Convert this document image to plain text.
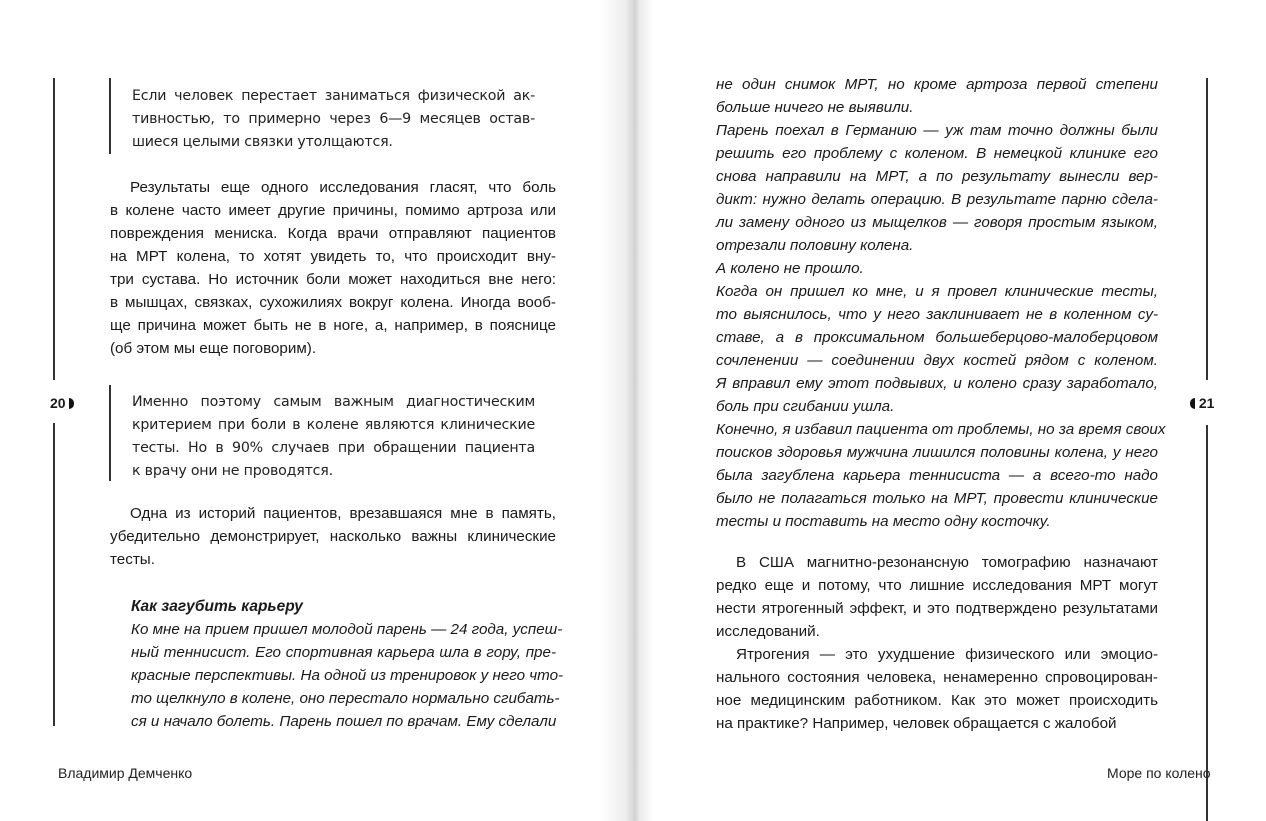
20
Если человек перестает заниматься физической ак-
тивностью, то примерно через 6—9 месяцев остав-
шиеся целыми связки утолщаются.
Результаты еще одного исследования гласят, что боль
в колене часто имеет другие причины, помимо артроза или
повреждения мениска. Когда врачи отправляют пациентов
на МРТ колена, то хотят увидеть то, что происходит вну-
три сустава. Но источник боли может находиться вне него:
в мышцах, связках, сухожилиях вокруг колена. Иногда вооб-
ще причина может быть не в ноге, а, например, в пояснице
(об этом мы еще поговорим).
Именно поэтому самым важным диагностическим
критерием при боли в колене являются клинические
тесты. Но в 90% случаев при обращении пациента
к врачу они не проводятся.
Одна из историй пациентов, врезавшаяся мне в память,
убедительно демонстрирует, насколько важны клинические
тесты.
Как загубить карьеру
Ко мне на прием пришел молодой парень — 24 года, успеш-
ный теннисист. Его спортивная карьера шла в гору, пре-
красные перспективы. На одной из тренировок у него что-
то щелкнуло в колене, оно перестало нормально сгибать-
ся и начало болеть. Парень пошел по врачам. Ему сделали
Владимир Демченко
21
не один снимок МРТ, но кроме артроза первой степени
больше ничего не выявили.
Парень поехал в Германию — уж там точно должны были
решить его проблему с коленом. В немецкой клинике его
снова направили на МРТ, а по результату вынесли вер-
дикт: нужно делать операцию. В результате парню сдела-
ли замену одного из мыщелков — говоря простым языком,
отрезали половину колена.
А колено не прошло.
Когда он пришел ко мне, и я провел клинические тесты,
то выяснилось, что у него заклинивает не в коленном су-
ставе, а в проксимальном большеберцово-малоберцовом
сочленении — соединении двух костей рядом с коленом.
Я вправил ему этот подвывих, и колено сразу заработало,
боль при сгибании ушла.
Конечно, я избавил пациента от проблемы, но за время своих
поисков здоровья мужчина лишился половины колена, у него
была загублена карьера теннисиста — а всего-то надо
было не полагаться только на МРТ, провести клинические
тесты и поставить на место одну косточку.
В США магнитно-резонансную томографию назначают
редко еще и потому, что лишние исследования МРТ могут
нести ятрогенный эффект, и это подтверждено результатами
исследований.
Ятрогения — это ухудшение физического или эмоцио-
нального состояния человека, ненамеренно спровоцирован-
ное медицинским работником. Как это может происходить
на практике? Например, человек обращается с жалобой
Море по колено
